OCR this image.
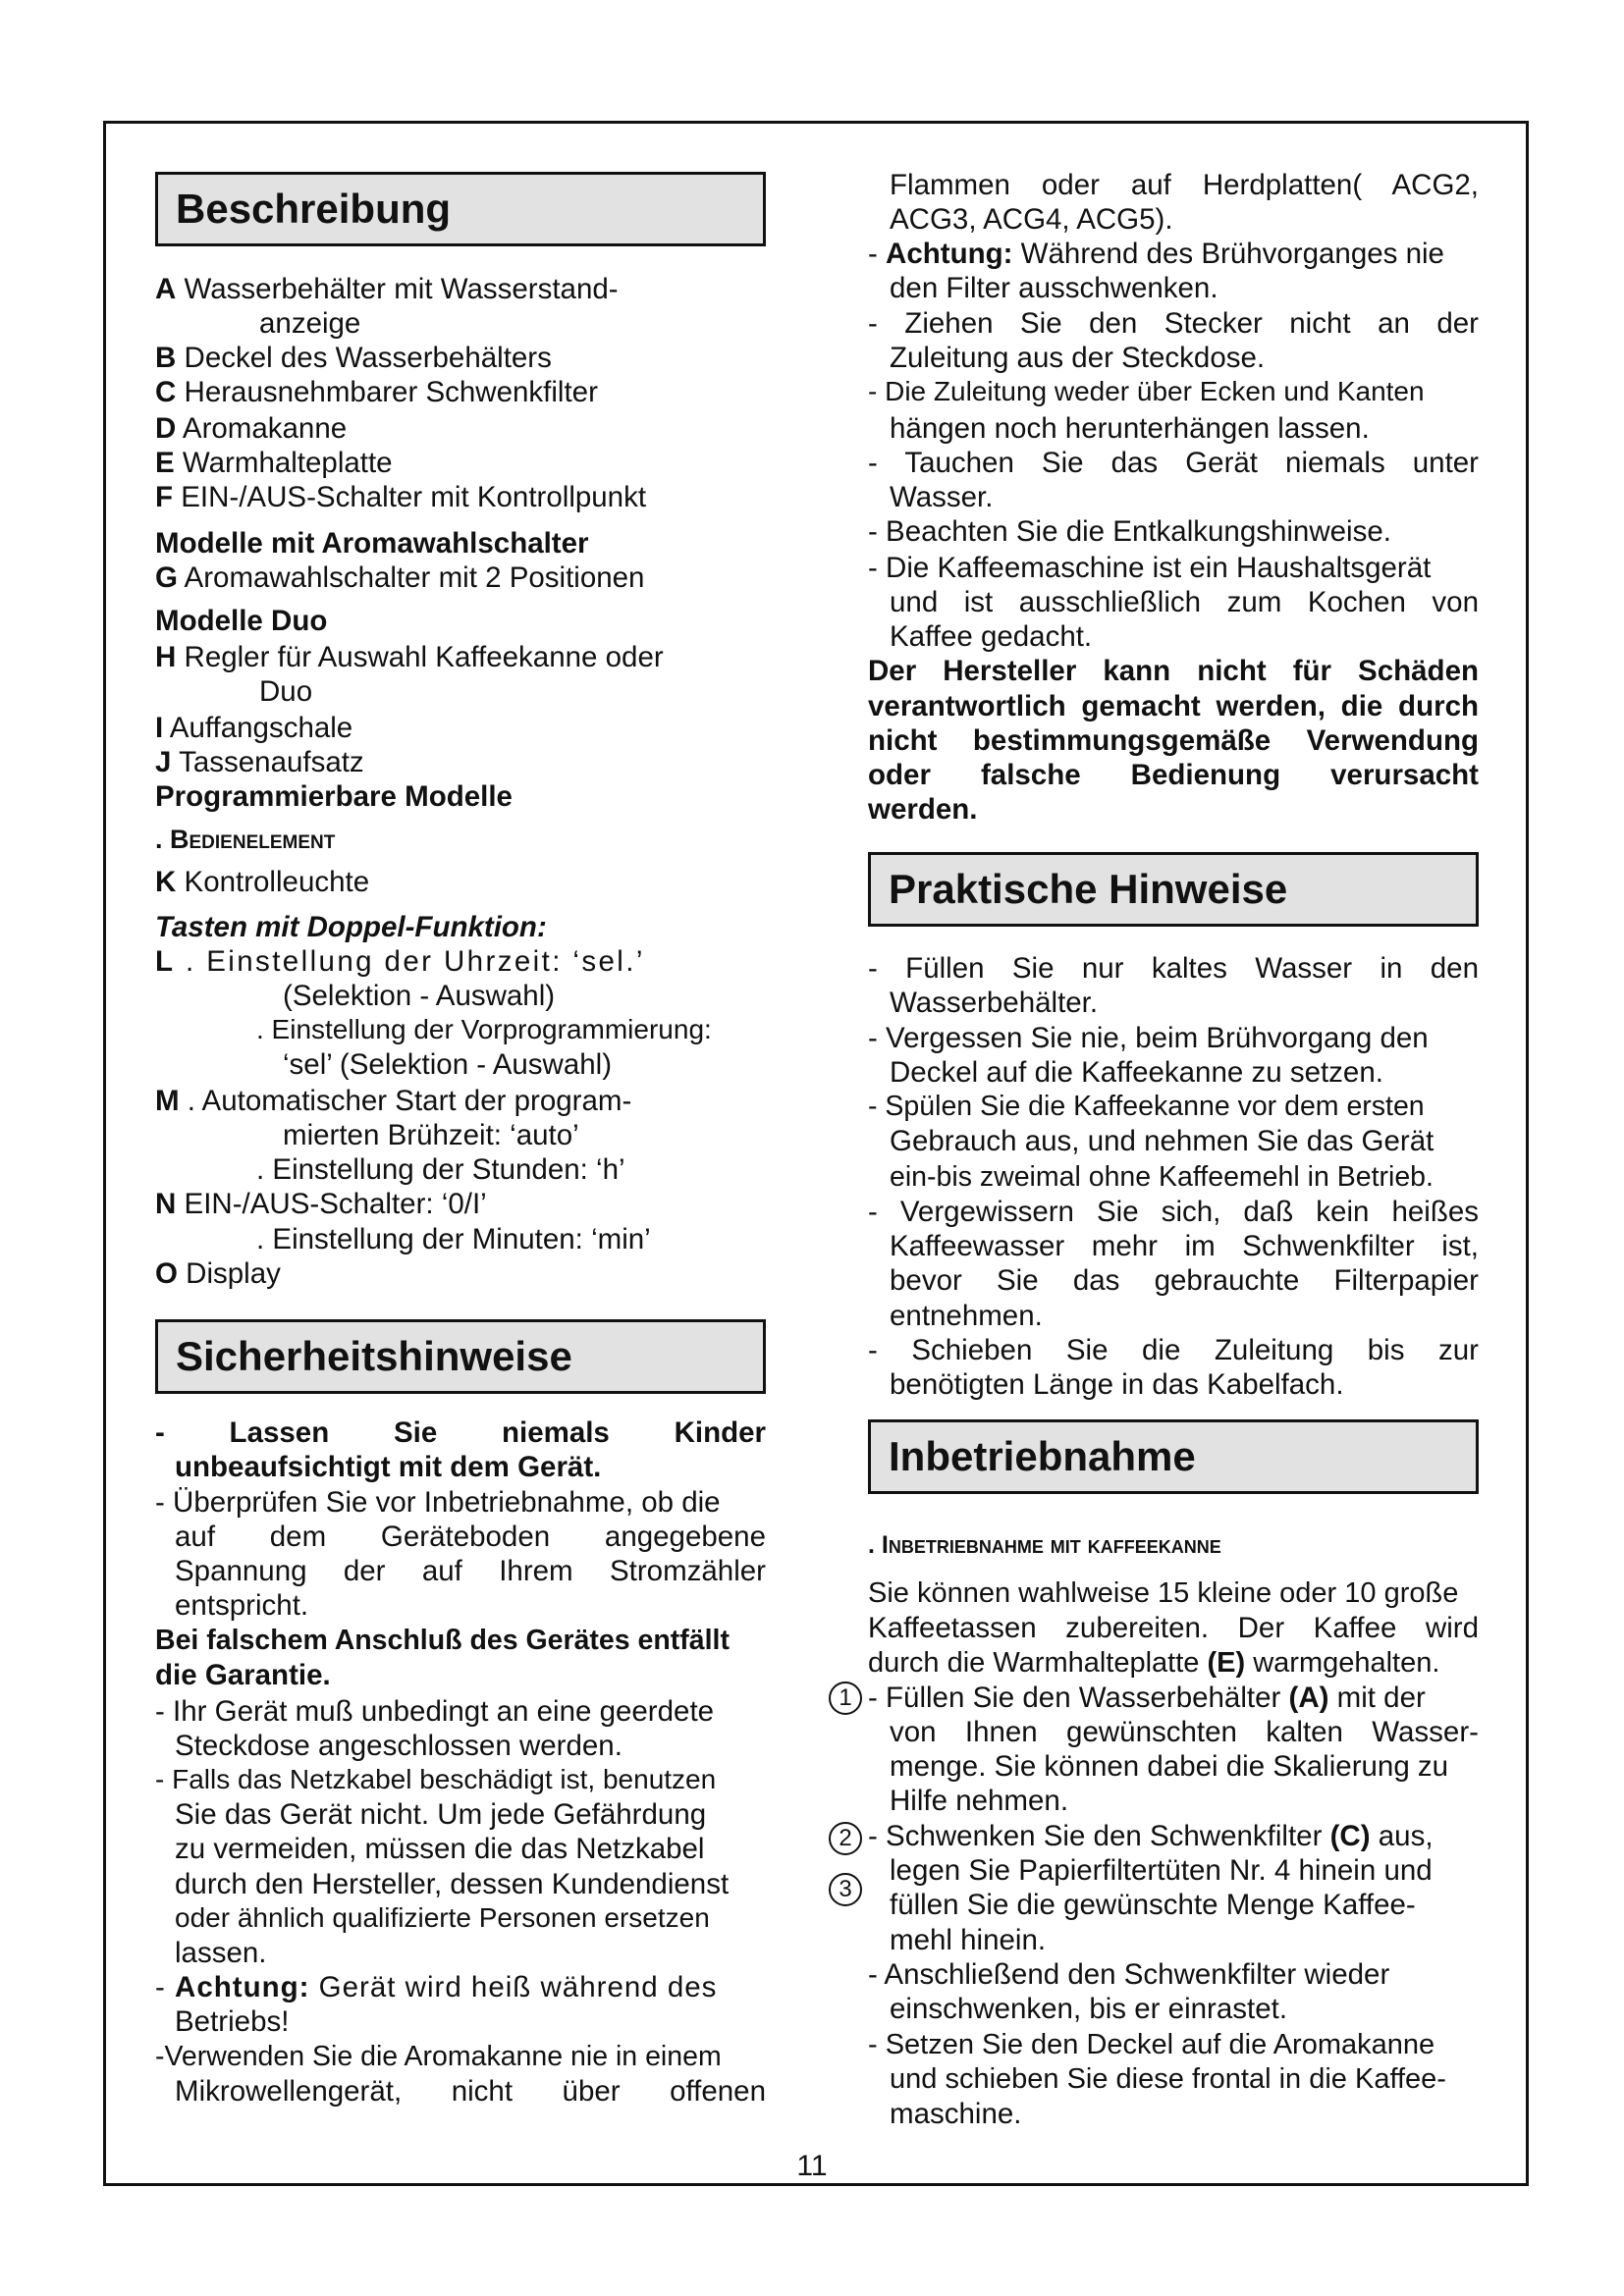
Beschreibung
A Wasserbehälter mit Wasserstand-
anzeige
B Deckel des Wasserbehälters
C Herausnehmbarer Schwenkfilter
D Aromakanne
E Warmhalteplatte
F EIN-/AUS-Schalter mit Kontrollpunkt
Modelle mit Aromawahlschalter
G Aromawahlschalter mit 2 Positionen
Modelle Duo
H Regler für Auswahl Kaffeekanne oder
Duo
I Auffangschale
J Tassenaufsatz
Programmierbare Modelle
. Bedienelement
K Kontrolleuchte
Tasten mit Doppel-Funktion:
L . Einstellung der Uhrzeit: ‘sel.’
(Selektion - Auswahl)
. Einstellung der Vorprogrammierung:
‘sel’ (Selektion - Auswahl)
M . Automatischer Start der program-
mierten Brühzeit: ‘auto’
. Einstellung der Stunden: ‘h’
N EIN-/AUS-Schalter: ‘0/I’
. Einstellung der Minuten: ‘min’
O Display
Sicherheitshinweise
- Lassen Sie niemals Kinder
unbeaufsichtigt mit dem Gerät.
- Überprüfen Sie vor Inbetriebnahme, ob die
auf dem Geräteboden angegebene
Spannung der auf Ihrem Stromzähler
entspricht.
Bei falschem Anschluß des Gerätes entfällt
die Garantie.
- Ihr Gerät muß unbedingt an eine geerdete
Steckdose angeschlossen werden.
- Falls das Netzkabel beschädigt ist, benutzen
Sie das Gerät nicht. Um jede Gefährdung
zu vermeiden, müssen die das Netzkabel
durch den Hersteller, dessen Kundendienst
oder ähnlich qualifizierte Personen ersetzen
lassen.
- Achtung: Gerät wird heiß während des
Betriebs!
-Verwenden Sie die Aromakanne nie in einem
Mikrowellengerät, nicht über offenen
Flammen oder auf Herdplatten( ACG2,
ACG3, ACG4, ACG5).
- Achtung: Während des Brühvorganges nie
den Filter ausschwenken.
- Ziehen Sie den Stecker nicht an der
Zuleitung aus der Steckdose.
- Die Zuleitung weder über Ecken und Kanten
hängen noch herunterhängen lassen.
- Tauchen Sie das Gerät niemals unter
Wasser.
- Beachten Sie die Entkalkungshinweise.
- Die Kaffeemaschine ist ein Haushaltsgerät
und ist ausschließlich zum Kochen von
Kaffee gedacht.
Der Hersteller kann nicht für Schäden
verantwortlich gemacht werden, die durch
nicht bestimmungsgemäße Verwendung
oder falsche Bedienung verursacht
werden.
Praktische Hinweise
- Füllen Sie nur kaltes Wasser in den
Wasserbehälter.
- Vergessen Sie nie, beim Brühvorgang den
Deckel auf die Kaffeekanne zu setzen.
- Spülen Sie die Kaffeekanne vor dem ersten
Gebrauch aus, und nehmen Sie das Gerät
ein-bis zweimal ohne Kaffeemehl in Betrieb.
- Vergewissern Sie sich, daß kein heißes
Kaffeewasser mehr im Schwenkfilter ist,
bevor Sie das gebrauchte Filterpapier
entnehmen.
- Schieben Sie die Zuleitung bis zur
benötigten Länge in das Kabelfach.
Inbetriebnahme
. Inbetriebnahme mit kaffeekanne
Sie können wahlweise 15 kleine oder 10 große
Kaffeetassen zubereiten. Der Kaffee wird
durch die Warmhalteplatte (E) warmgehalten.
1 - Füllen Sie den Wasserbehälter (A) mit der
von Ihnen gewünschten kalten Wasser-
menge. Sie können dabei die Skalierung zu
Hilfe nehmen.
2 - Schwenken Sie den Schwenkfilter (C) aus,
3
legen Sie Papierfiltertüten Nr. 4 hinein und
füllen Sie die gewünschte Menge Kaffee-
mehl hinein.
- Anschließend den Schwenkfilter wieder
einschwenken, bis er einrastet.
- Setzen Sie den Deckel auf die Aromakanne
und schieben Sie diese frontal in die Kaffee-
maschine.
11
